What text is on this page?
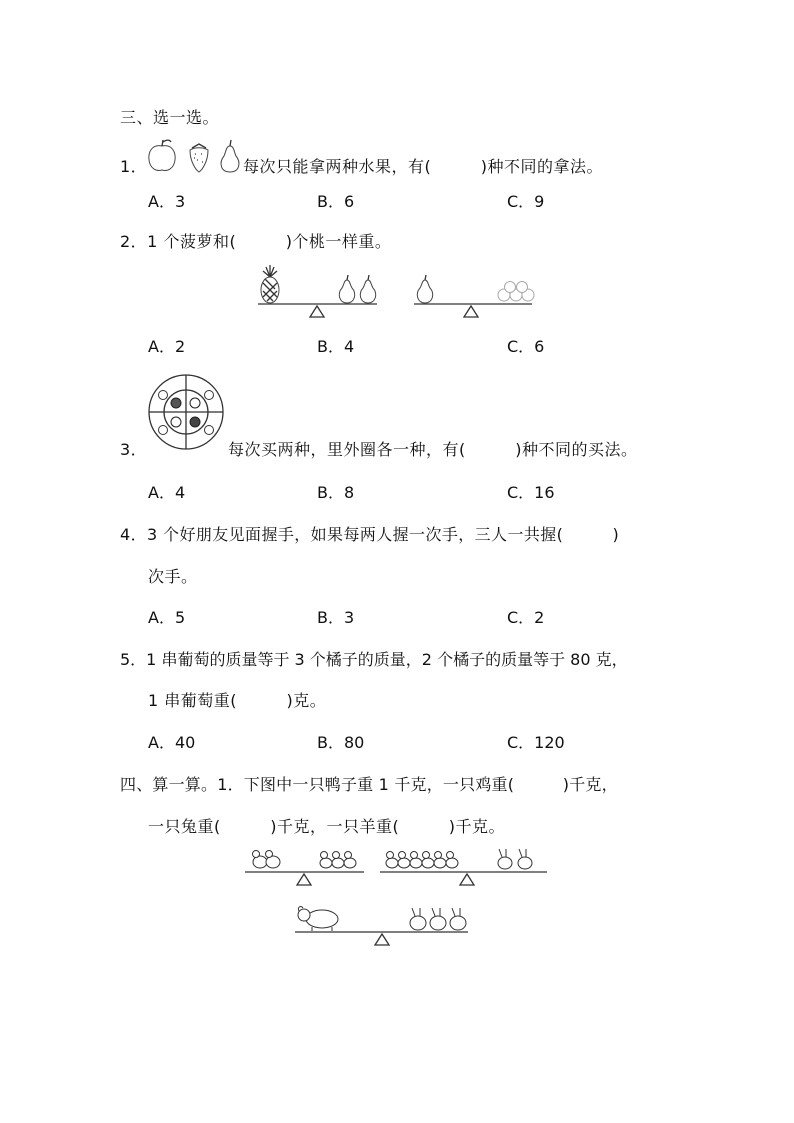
三、选一选。
1．	每次只能拿两种水果，有(　　　)种不同的拿法。
A．3	B．6	C．9
2．1 个菠萝和(　　　)个桃一样重。
A．2	B．4	C．6
3．	每次买两种，里外圈各一种，有(　　　)种不同的买法。
A．4	B．8	C．16
4．3 个好朋友见面握手，如果每两人握一次手，三人一共握(　　　)
次手。
A．5	B．3	C．2
5．1 串葡萄的质量等于 3 个橘子的质量，2 个橘子的质量等于 80 克，
1 串葡萄重(　　　)克。
A．40	B．80	C．120
四、算一算。1．下图中一只鸭子重 1 千克，一只鸡重(　　　)千克，
一只兔重(　　　)千克，一只羊重(　　　)千克。
